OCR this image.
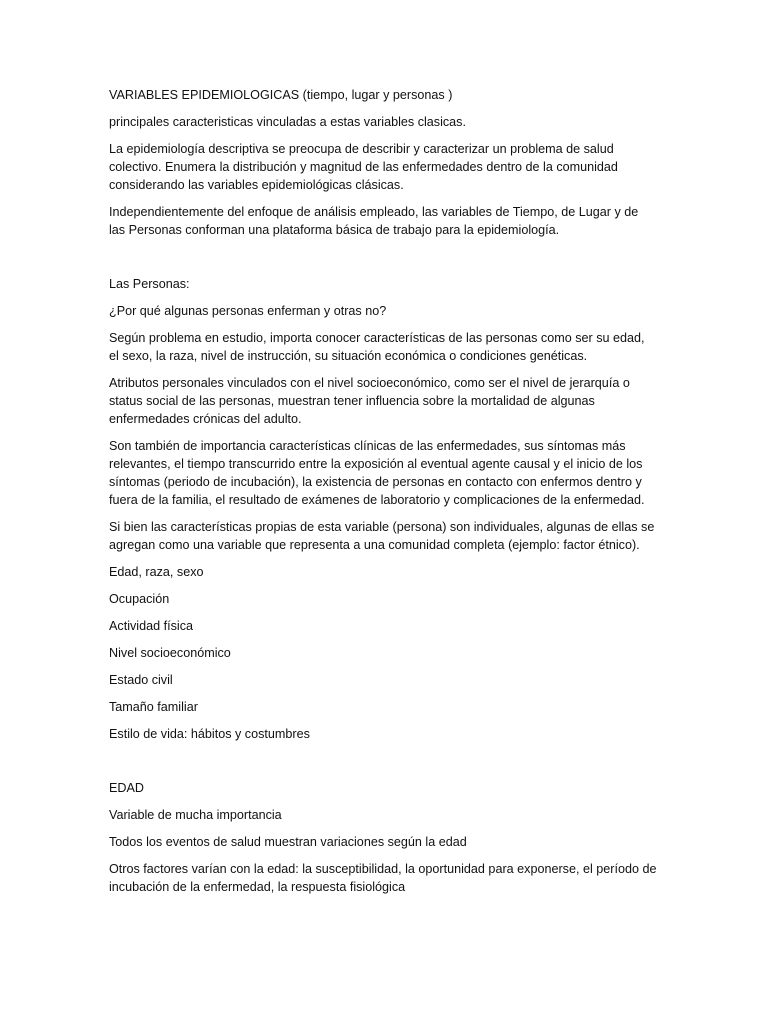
VARIABLES EPIDEMIOLOGICAS (tiempo, lugar y personas )

principales caracteristicas vinculadas a estas variables clasicas.

La epidemiología descriptiva se preocupa de describir y caracterizar un problema de salud colectivo. Enumera la distribución y magnitud de las enfermedades dentro de la comunidad considerando las variables epidemiológicas clásicas.

Independientemente del enfoque de análisis empleado, las variables de Tiempo, de Lugar y de las Personas conforman una plataforma básica de trabajo para la epidemiología.

Las Personas:

¿Por qué algunas personas enferman y otras no?

Según problema en estudio, importa conocer características de las personas como ser su edad, el sexo, la raza, nivel de instrucción, su situación económica o condiciones genéticas.

Atributos personales vinculados con el nivel socioeconómico, como ser el nivel de jerarquía o status social de las personas, muestran tener influencia sobre la mortalidad de algunas enfermedades crónicas del adulto.

Son también de importancia características clínicas de las enfermedades, sus síntomas más relevantes, el tiempo transcurrido entre la exposición al eventual agente causal y el inicio de los síntomas (periodo de incubación), la existencia de personas en contacto con enfermos dentro y fuera de la familia, el resultado de exámenes de laboratorio y complicaciones de la enfermedad.

Si bien las características propias de esta variable (persona) son individuales, algunas de ellas se agregan como una variable que representa a una comunidad completa (ejemplo: factor étnico).

Edad, raza, sexo

Ocupación

Actividad física

Nivel socioeconómico

Estado civil

Tamaño familiar

Estilo de vida: hábitos y costumbres

EDAD

Variable de mucha importancia

Todos los eventos de salud muestran variaciones según la edad

Otros factores varían con la edad: la susceptibilidad, la oportunidad para exponerse, el período de incubación de la enfermedad, la respuesta fisiológica
